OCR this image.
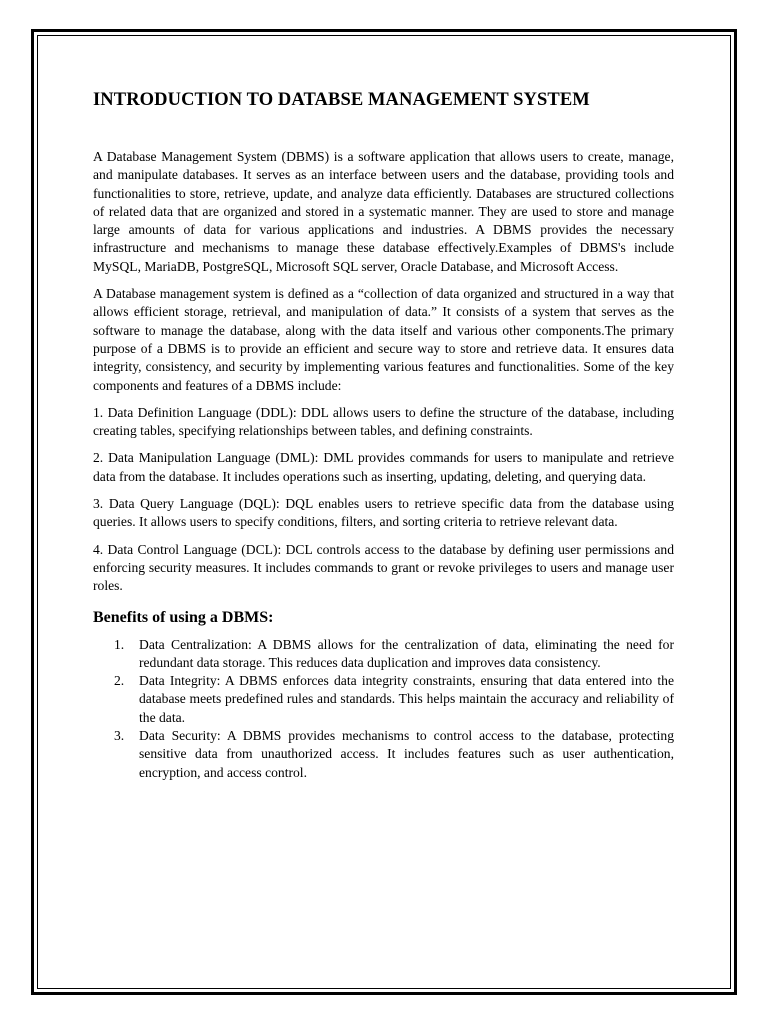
INTRODUCTION TO DATABSE MANAGEMENT SYSTEM

A Database Management System (DBMS) is a software application that allows users to create, manage, and manipulate databases. It serves as an interface between users and the database, providing tools and functionalities to store, retrieve, update, and analyze data efficiently. Databases are structured collections of related data that are organized and stored in a systematic manner. They are used to store and manage large amounts of data for various applications and industries. A DBMS provides the necessary infrastructure and mechanisms to manage these database effectively.Examples of DBMS's include MySQL, MariaDB, PostgreSQL, Microsoft SQL server, Oracle Database, and Microsoft Access.

A Database management system is defined as a “collection of data organized and structured in a way that allows efficient storage, retrieval, and manipulation of data.” It consists of a system that serves as the software to manage the database, along with the data itself and various other components.The primary purpose of a DBMS is to provide an efficient and secure way to store and retrieve data. It ensures data integrity, consistency, and security by implementing various features and functionalities. Some of the key components and features of a DBMS include:

1. Data Definition Language (DDL): DDL allows users to define the structure of the database, including creating tables, specifying relationships between tables, and defining constraints.

2. Data Manipulation Language (DML): DML provides commands for users to manipulate and retrieve data from the database. It includes operations such as inserting, updating, deleting, and querying data.

3. Data Query Language (DQL): DQL enables users to retrieve specific data from the database using queries. It allows users to specify conditions, filters, and sorting criteria to retrieve relevant data.

4. Data Control Language (DCL): DCL controls access to the database by defining user permissions and enforcing security measures. It includes commands to grant or revoke privileges to users and manage user roles.

Benefits of using a DBMS:
1. Data Centralization: A DBMS allows for the centralization of data, eliminating the need for redundant data storage. This reduces data duplication and improves data consistency.
2. Data Integrity: A DBMS enforces data integrity constraints, ensuring that data entered into the database meets predefined rules and standards. This helps maintain the accuracy and reliability of the data.
3. Data Security: A DBMS provides mechanisms to control access to the database, protecting sensitive data from unauthorized access. It includes features such as user authentication, encryption, and access control.
